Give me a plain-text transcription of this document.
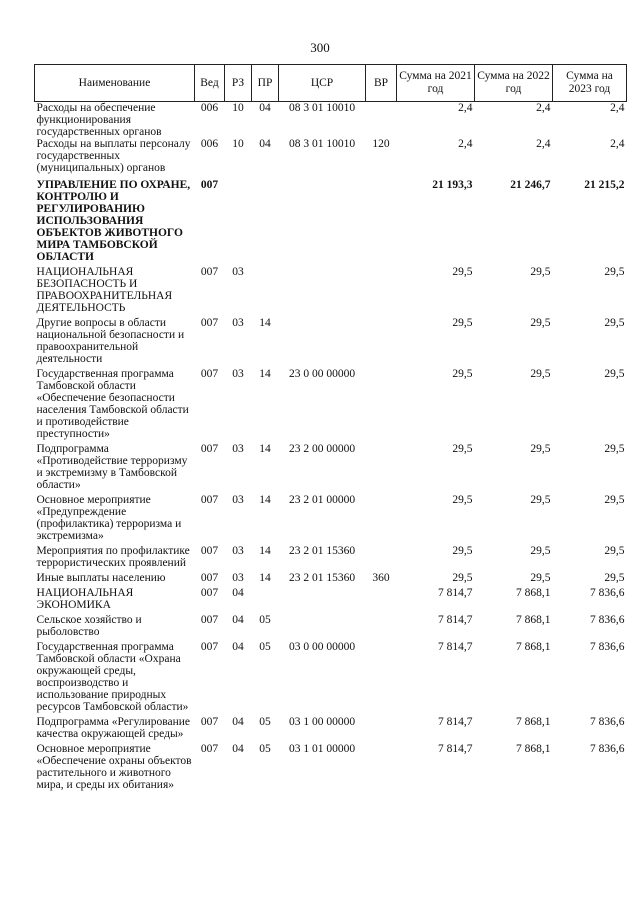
300
Наименование	Вед	РЗ	ПР	ЦСР	ВР	Сумма на 2021 год	Сумма на 2022 год	Сумма на 2023 год
Расходы на обеспечение функционирования государственных органов	006	10	04	08 3 01 10010		2,4	2,4	2,4
Расходы на выплаты персоналу государственных (муниципальных) органов	006	10	04	08 3 01 10010	120	2,4	2,4	2,4
УПРАВЛЕНИЕ ПО ОХРАНЕ, КОНТРОЛЮ И РЕГУЛИРОВАНИЮ ИСПОЛЬЗОВАНИЯ ОБЪЕКТОВ ЖИВОТНОГО МИРА ТАМБОВСКОЙ ОБЛАСТИ	007					21 193,3	21 246,7	21 215,2
НАЦИОНАЛЬНАЯ БЕЗОПАСНОСТЬ И ПРАВООХРАНИТЕЛЬНАЯ ДЕЯТЕЛЬНОСТЬ	007	03				29,5	29,5	29,5
Другие вопросы в области национальной безопасности и правоохранительной деятельности	007	03	14			29,5	29,5	29,5
Государственная программа Тамбовской области «Обеспечение безопасности населения Тамбовской области и противодействие преступности»	007	03	14	23 0 00 00000		29,5	29,5	29,5
Подпрограмма «Противодействие терроризму и экстремизму в Тамбовской области»	007	03	14	23 2 00 00000		29,5	29,5	29,5
Основное мероприятие «Предупреждение (профилактика) терроризма и экстремизма»	007	03	14	23 2 01 00000		29,5	29,5	29,5
Мероприятия по профилактике террористических проявлений	007	03	14	23 2 01 15360		29,5	29,5	29,5
Иные выплаты населению	007	03	14	23 2 01 15360	360	29,5	29,5	29,5
НАЦИОНАЛЬНАЯ ЭКОНОМИКА	007	04				7 814,7	7 868,1	7 836,6
Сельское хозяйство и рыболовство	007	04	05			7 814,7	7 868,1	7 836,6
Государственная программа Тамбовской области «Охрана окружающей среды, воспроизводство и использование природных ресурсов Тамбовской области»	007	04	05	03 0 00 00000		7 814,7	7 868,1	7 836,6
Подпрограмма «Регулирование качества окружающей среды»	007	04	05	03 1 00 00000		7 814,7	7 868,1	7 836,6
Основное мероприятие «Обеспечение охраны объектов растительного и животного мира, и среды их обитания»	007	04	05	03 1 01 00000		7 814,7	7 868,1	7 836,6
